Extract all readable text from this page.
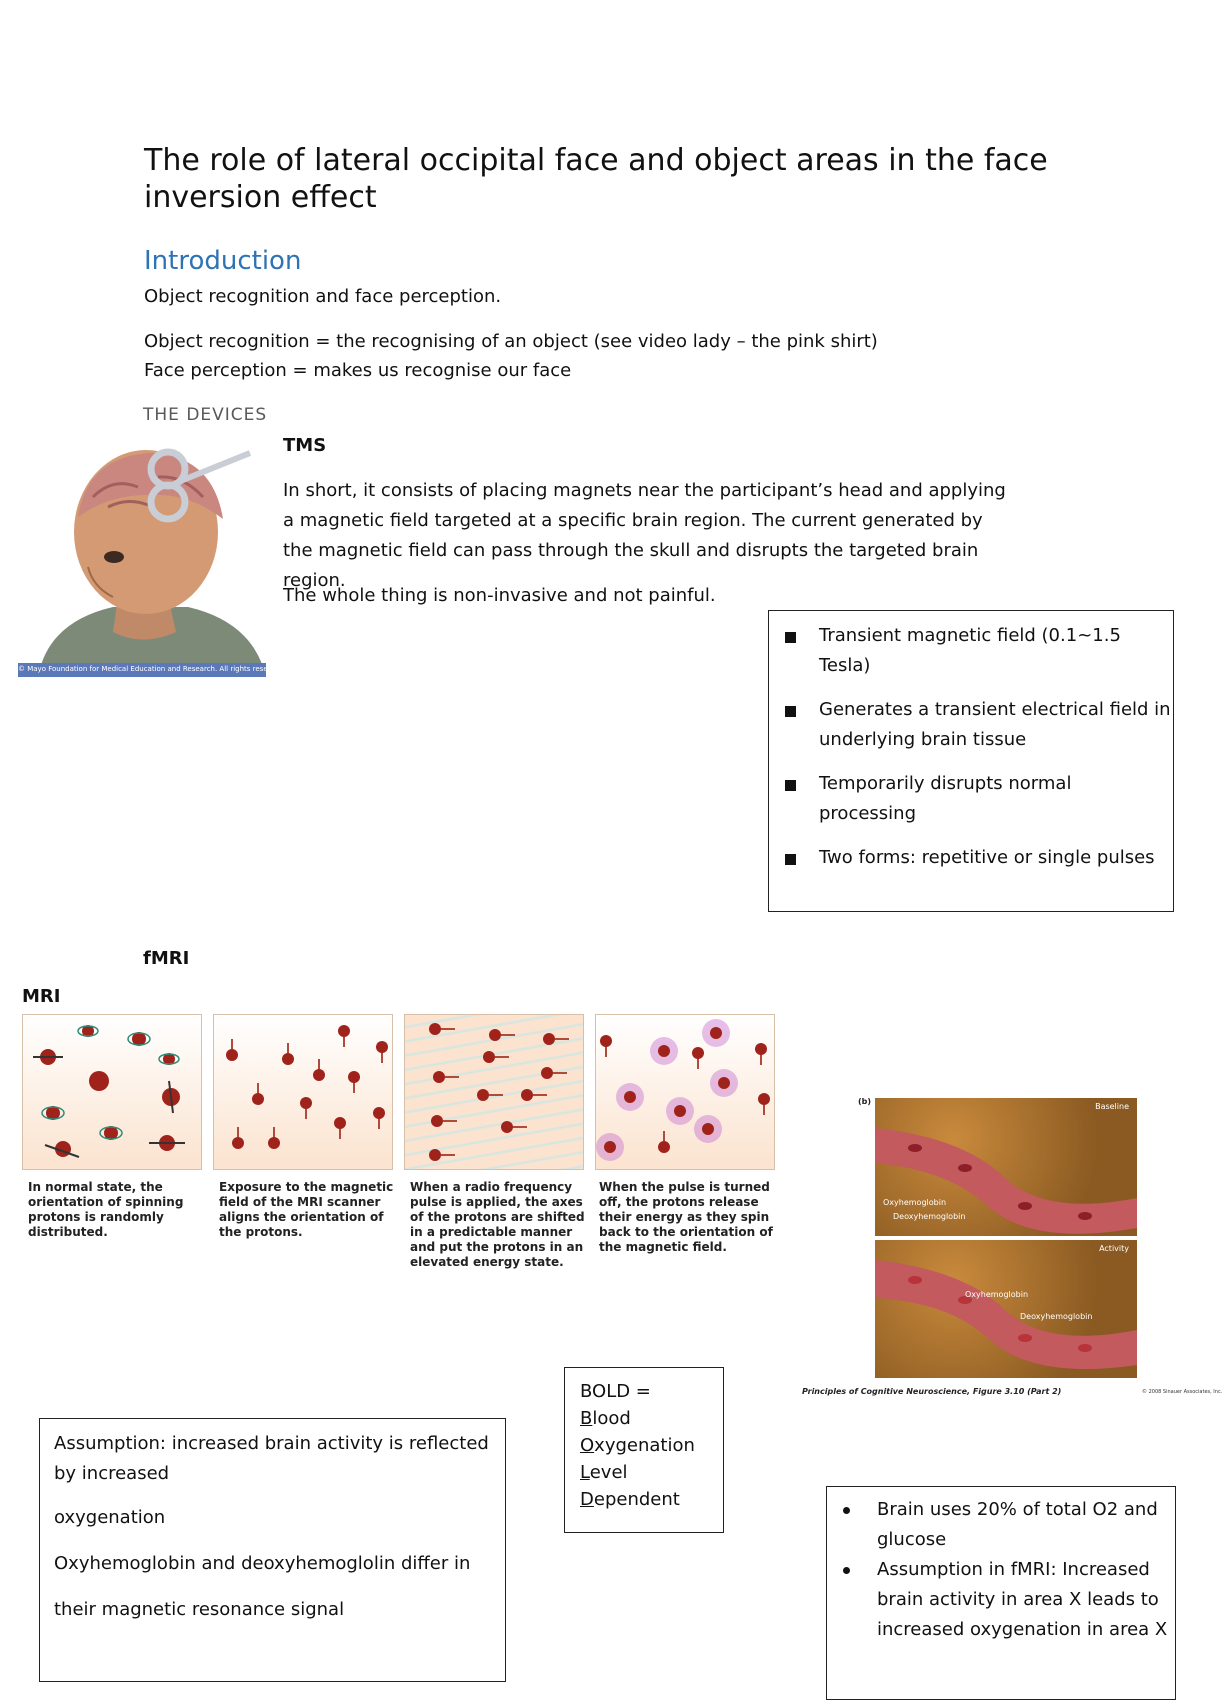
The role of lateral occipital face and object areas in the face inversion effect
Introduction
Object recognition and face perception.
Object recognition = the recognising of an object (see video lady – the pink shirt)
Face perception = makes us recognise our face
THE DEVICES
TMS
© Mayo Foundation for Medical Education and Research. All rights reserved.
In short, it consists of placing magnets near the participant’s head and applying a magnetic field targeted at a specific brain region. The current generated by the magnetic field can pass through the skull and disrupts the targeted brain region.
The whole thing is non-invasive and not painful.
Transient magnetic field (0.1~1.5 Tesla)
Generates a transient electrical field in underlying brain tissue
Temporarily disrupts normal processing
Two forms: repetitive or single pulses
fMRI
MRI
In normal state, the orientation of spinning protons is randomly distributed.
Exposure to the magnetic field of the MRI scanner aligns the orientation of the protons.
When a radio frequency pulse is applied, the axes of the protons are shifted in a predictable manner and put the protons in an elevated energy state.
When the pulse is turned off, the protons release their energy as they spin back to the orientation of the magnetic field.
(b)
Baseline
Oxyhemoglobin
Deoxyhemoglobin
Activity
Oxyhemoglobin
Deoxyhemoglobin
Principles of Cognitive Neuroscience, Figure 3.10 (Part 2)	© 2008 Sinauer Associates, Inc.
BOLD =
Blood
Oxygenation
Level
Dependent
Assumption: increased brain activity is reflected by increased
oxygenation
Oxyhemoglobin and deoxyhemoglolin differ in
their magnetic resonance signal
Brain uses 20% of total O2 and glucose
Assumption in fMRI: Increased brain activity in area X leads to increased oxygenation in area X
